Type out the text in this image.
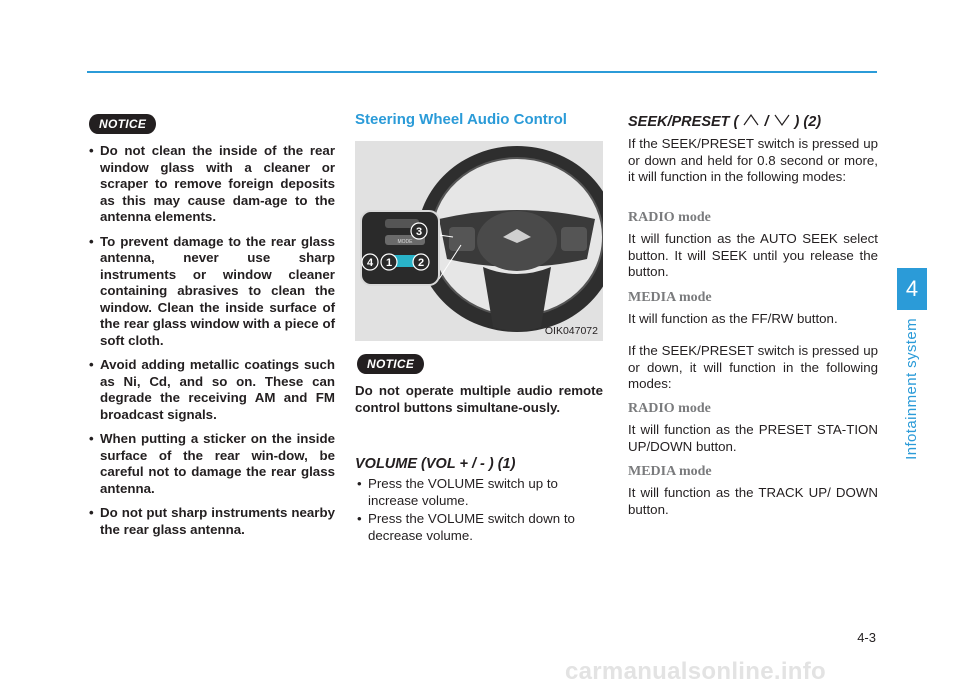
NOTICE
• Do not clean the inside of the rear window glass with a cleaner or scraper to remove foreign deposits as this may cause dam-age to the antenna elements.
• To prevent damage to the rear glass antenna, never use sharp instruments or window cleaner containing abrasives to clean the window. Clean the inside surface of the rear glass window with a piece of soft cloth.
• Avoid adding metallic coatings such as Ni, Cd, and so on. These can degrade the receiving AM and FM broadcast signals.
• When putting a sticker on the inside surface of the rear win-dow, be careful not to damage the rear glass antenna.
• Do not put sharp instruments nearby the rear glass antenna.
Steering Wheel Audio Control
1 2
3
4
MODE
OIK047072
NOTICE

Do not operate multiple audio remote control buttons simultane-ously.

VOLUME (VOL + / - ) (1)
• Press the VOLUME switch up to increase volume.
• Press the VOLUME switch down to decrease volume.
SEEK/PRESET ( / ) (2)

If the SEEK/PRESET switch is pressed up or down and held for 0.8 second or more, it will function in the following modes:

RADIO mode

It will function as the AUTO SEEK select button. It will SEEK until you release the button.

MEDIA mode

It will function as the FF/RW button.

If the SEEK/PRESET switch is pressed up or down, it will function in the following modes:

RADIO mode

It will function as the PRESET STA-TION UP/DOWN button.

MEDIA mode

It will function as the TRACK UP/ DOWN button.

4
Infotainment system
4-3
carmanualsonline.info
